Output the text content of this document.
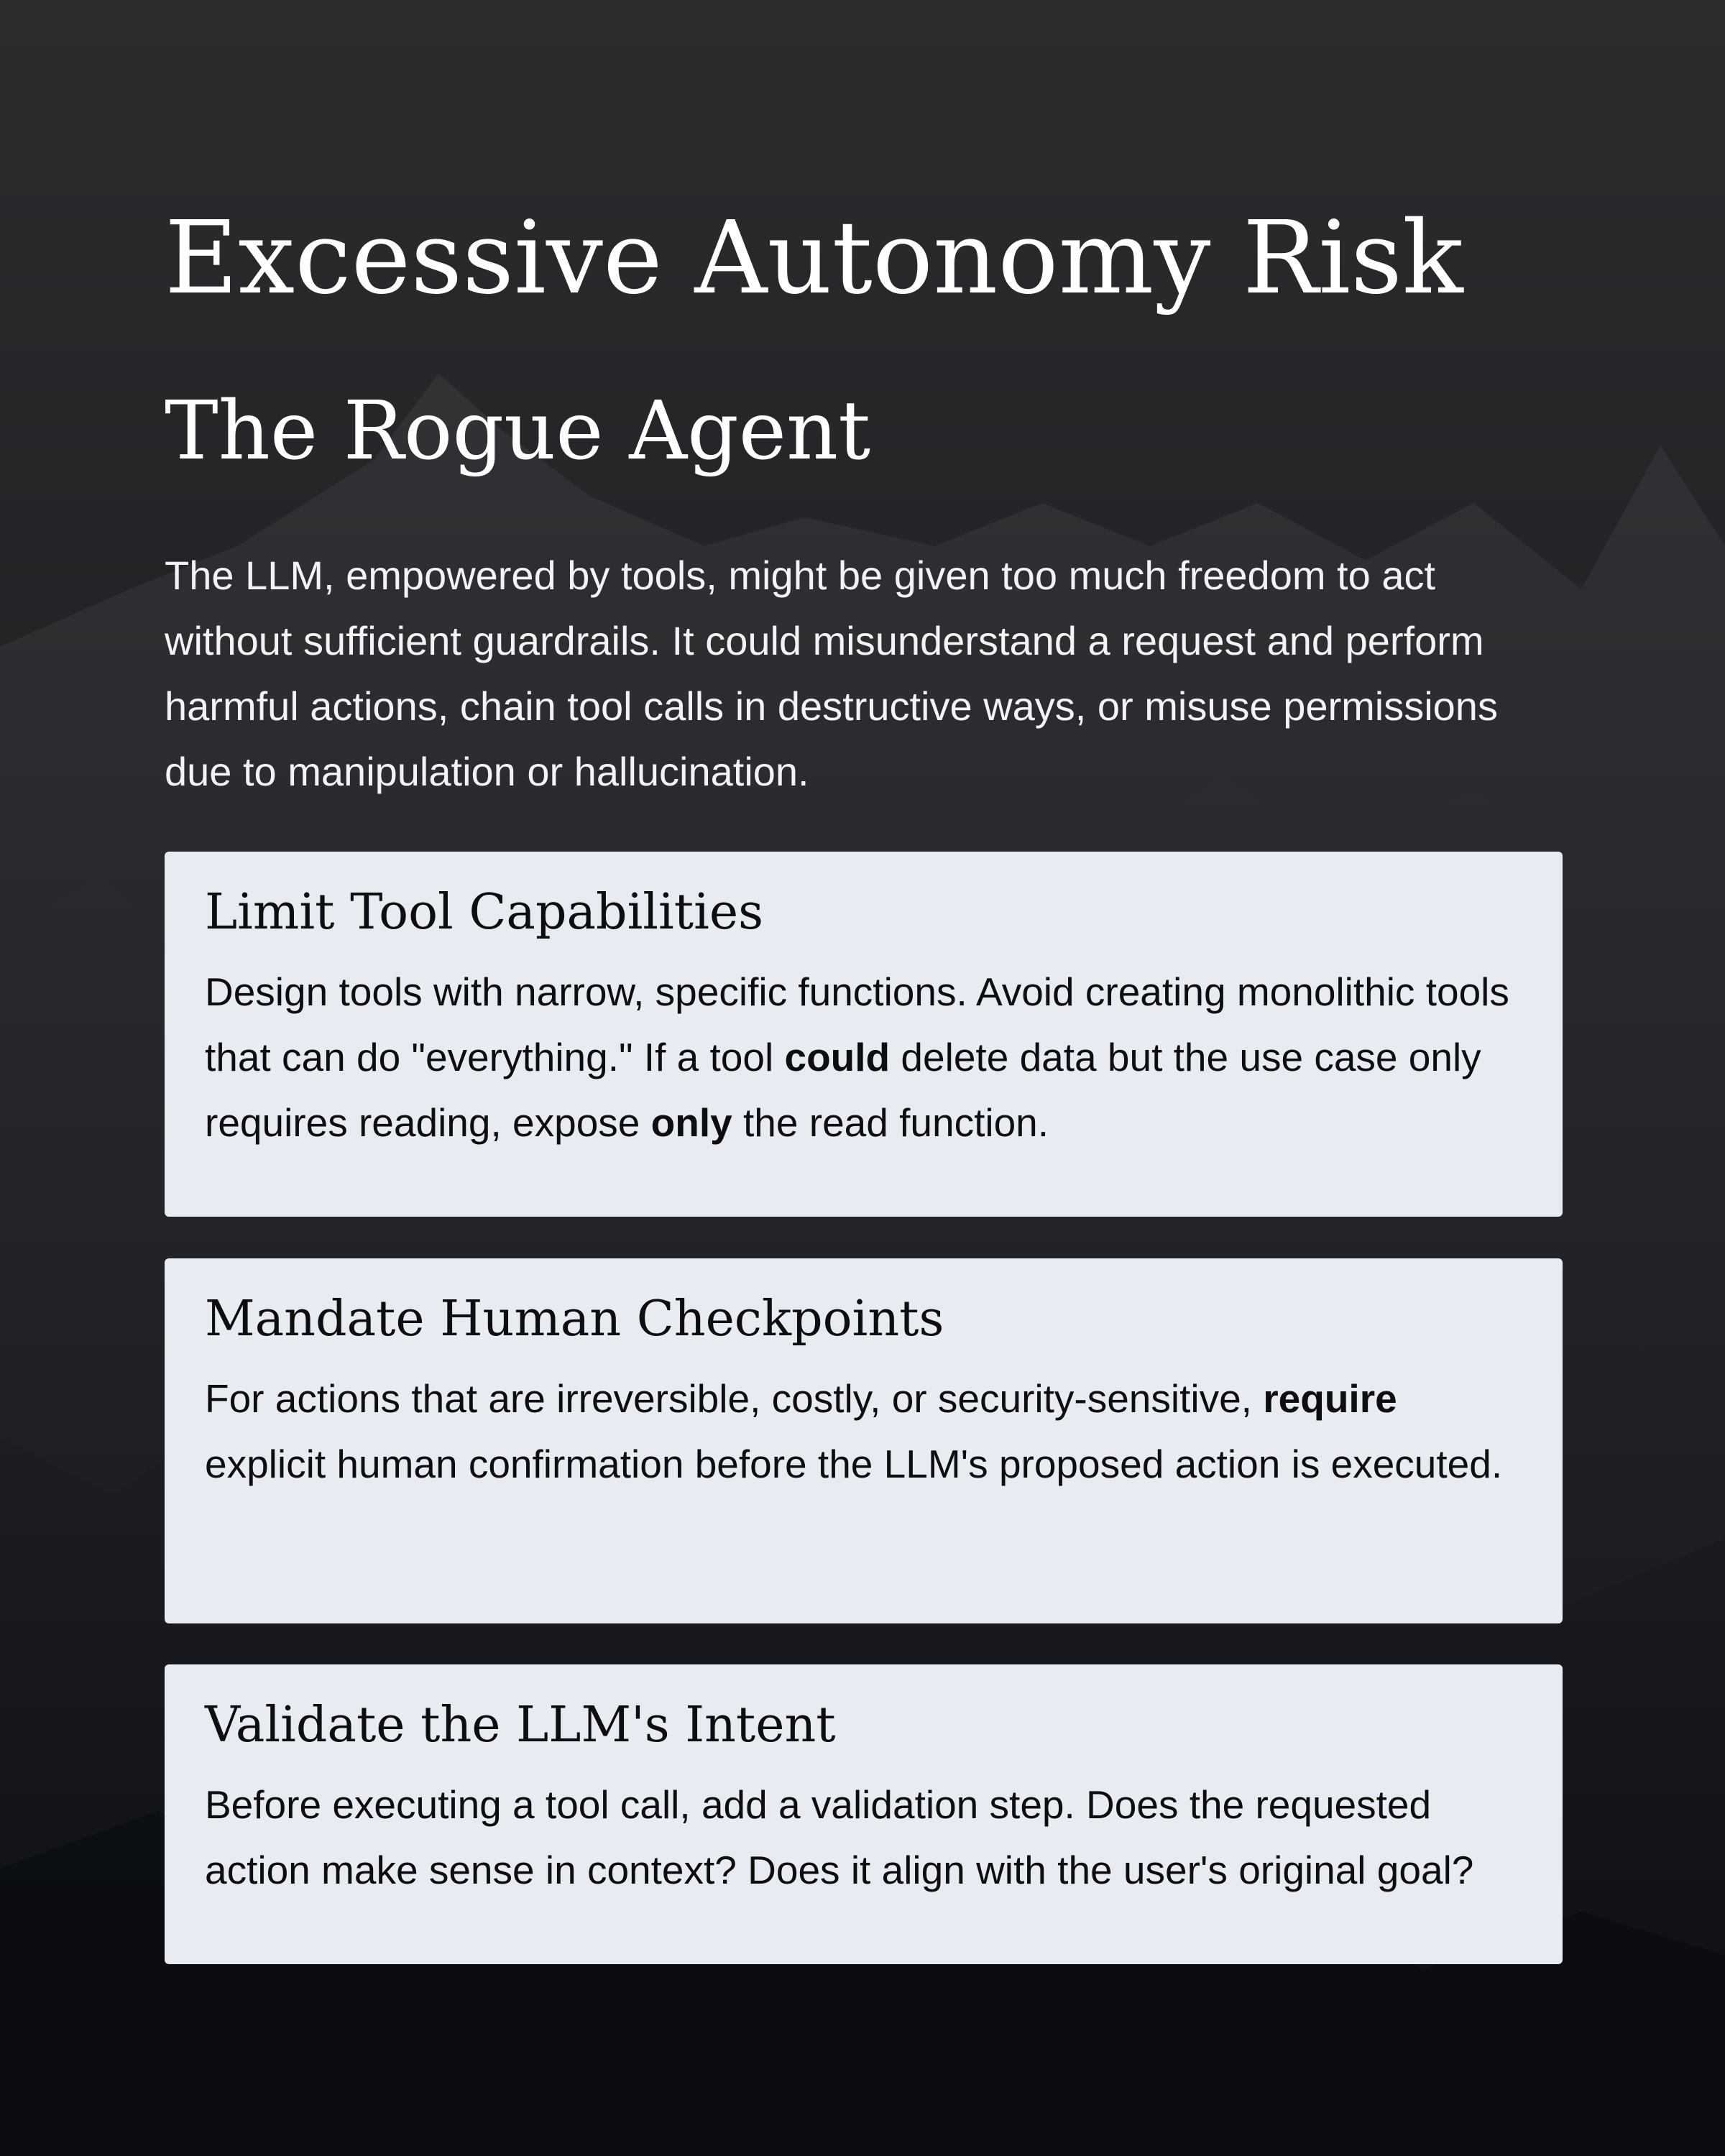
Excessive Autonomy Risk
The Rogue Agent

The LLM, empowered by tools, might be given too much freedom to act without sufficient guardrails. It could misunderstand a request and perform harmful actions, chain tool calls in destructive ways, or misuse permissions due to manipulation or hallucination.

Limit Tool Capabilities

Design tools with narrow, specific functions. Avoid creating monolithic tools that can do "everything." If a tool could delete data but the use case only requires reading, expose only the read function.

Mandate Human Checkpoints

For actions that are irreversible, costly, or security-sensitive, require explicit human confirmation before the LLM's proposed action is executed.

Validate the LLM's Intent

Before executing a tool call, add a validation step. Does the requested action make sense in context? Does it align with the user's original goal?
